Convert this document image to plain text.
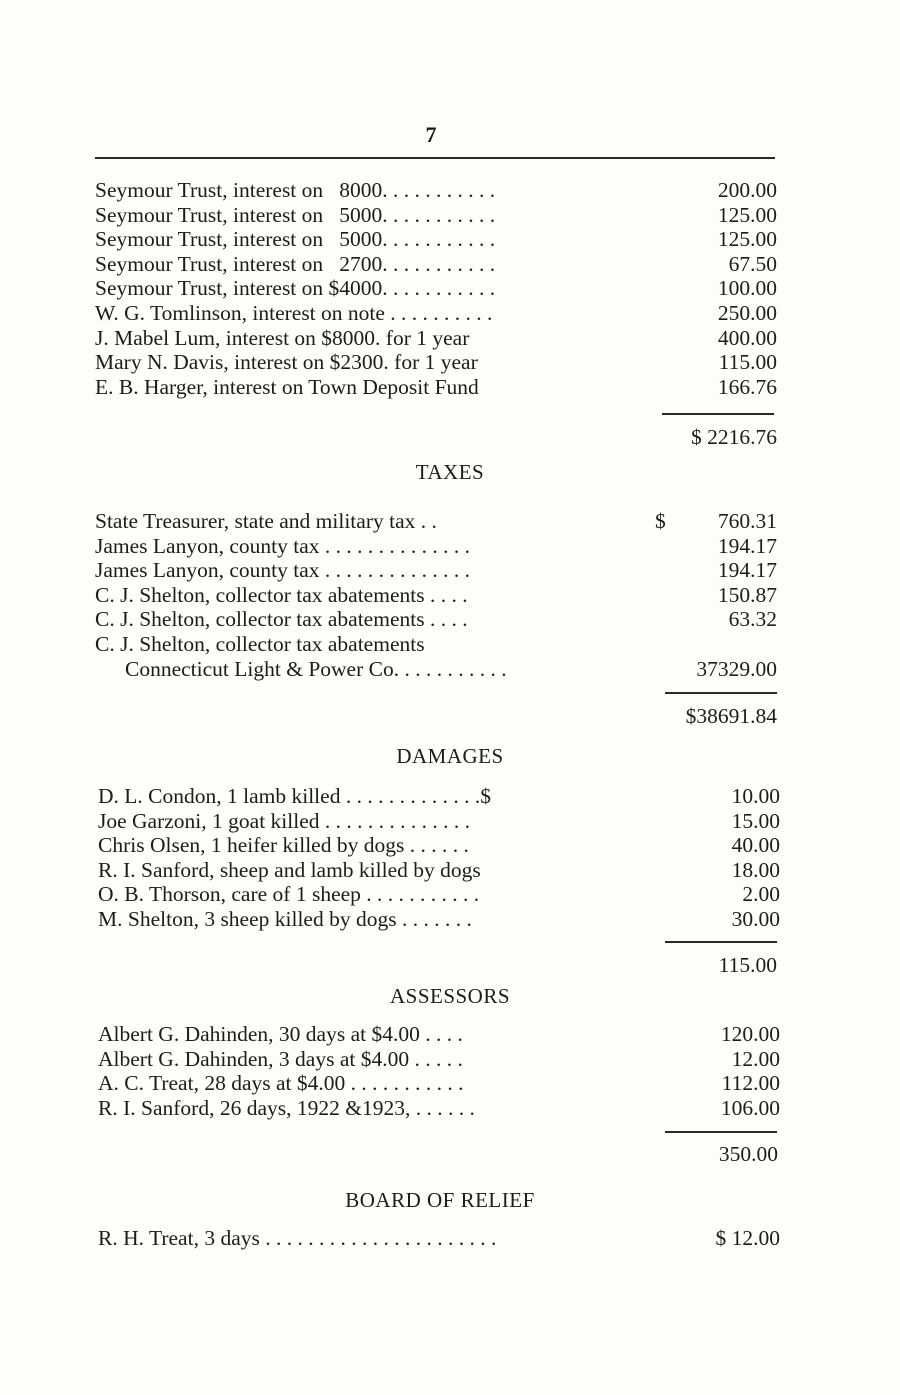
7
Seymour Trust, interest on   8000. . . . . . . . . . .	200.00
Seymour Trust, interest on   5000. . . . . . . . . . .	125.00
Seymour Trust, interest on   5000. . . . . . . . . . .	125.00
Seymour Trust, interest on   2700. . . . . . . . . . .	67.50
Seymour Trust, interest on $4000. . . . . . . . . . .	100.00
W. G. Tomlinson, interest on note . . . . . . . . . .	250.00
J. Mabel Lum, interest on $8000. for 1 year	400.00
Mary N. Davis, interest on $2300. for 1 year	115.00
E. B. Harger, interest on Town Deposit Fund	166.76
$ 2216.76
TAXES
State Treasurer, state and military tax . .	$ 760.31
James Lanyon, county tax . . . . . . . . . . . . . .	194.17
James Lanyon, county tax . . . . . . . . . . . . . .	194.17
C. J. Shelton, collector tax abatements . . . .	150.87
C. J. Shelton, collector tax abatements . . . .	63.32
C. J. Shelton, collector tax abatements
Connecticut Light & Power Co. . . . . . . . . . .	37329.00
$38691.84
DAMAGES
D. L. Condon, 1 lamb killed . . . . . . . . . . . . .$	10.00
Joe Garzoni, 1 goat killed . . . . . . . . . . . . . .	15.00
Chris Olsen, 1 heifer killed by dogs . . . . . .	40.00
R. I. Sanford, sheep and lamb killed by dogs	18.00
O. B. Thorson, care of 1 sheep . . . . . . . . . . .	2.00
M. Shelton, 3 sheep killed by dogs . . . . . . .	30.00
115.00
ASSESSORS
Albert G. Dahinden, 30 days at $4.00 . . . .	120.00
Albert G. Dahinden, 3 days at $4.00 . . . . .	12.00
A. C. Treat, 28 days at $4.00 . . . . . . . . . . .	112.00
R. I. Sanford, 26 days, 1922 &1923, . . . . . .	106.00
350.00
BOARD OF RELIEF
R. H. Treat, 3 days . . . . . . . . . . . . . . . . . . . . . .	$ 12.00
